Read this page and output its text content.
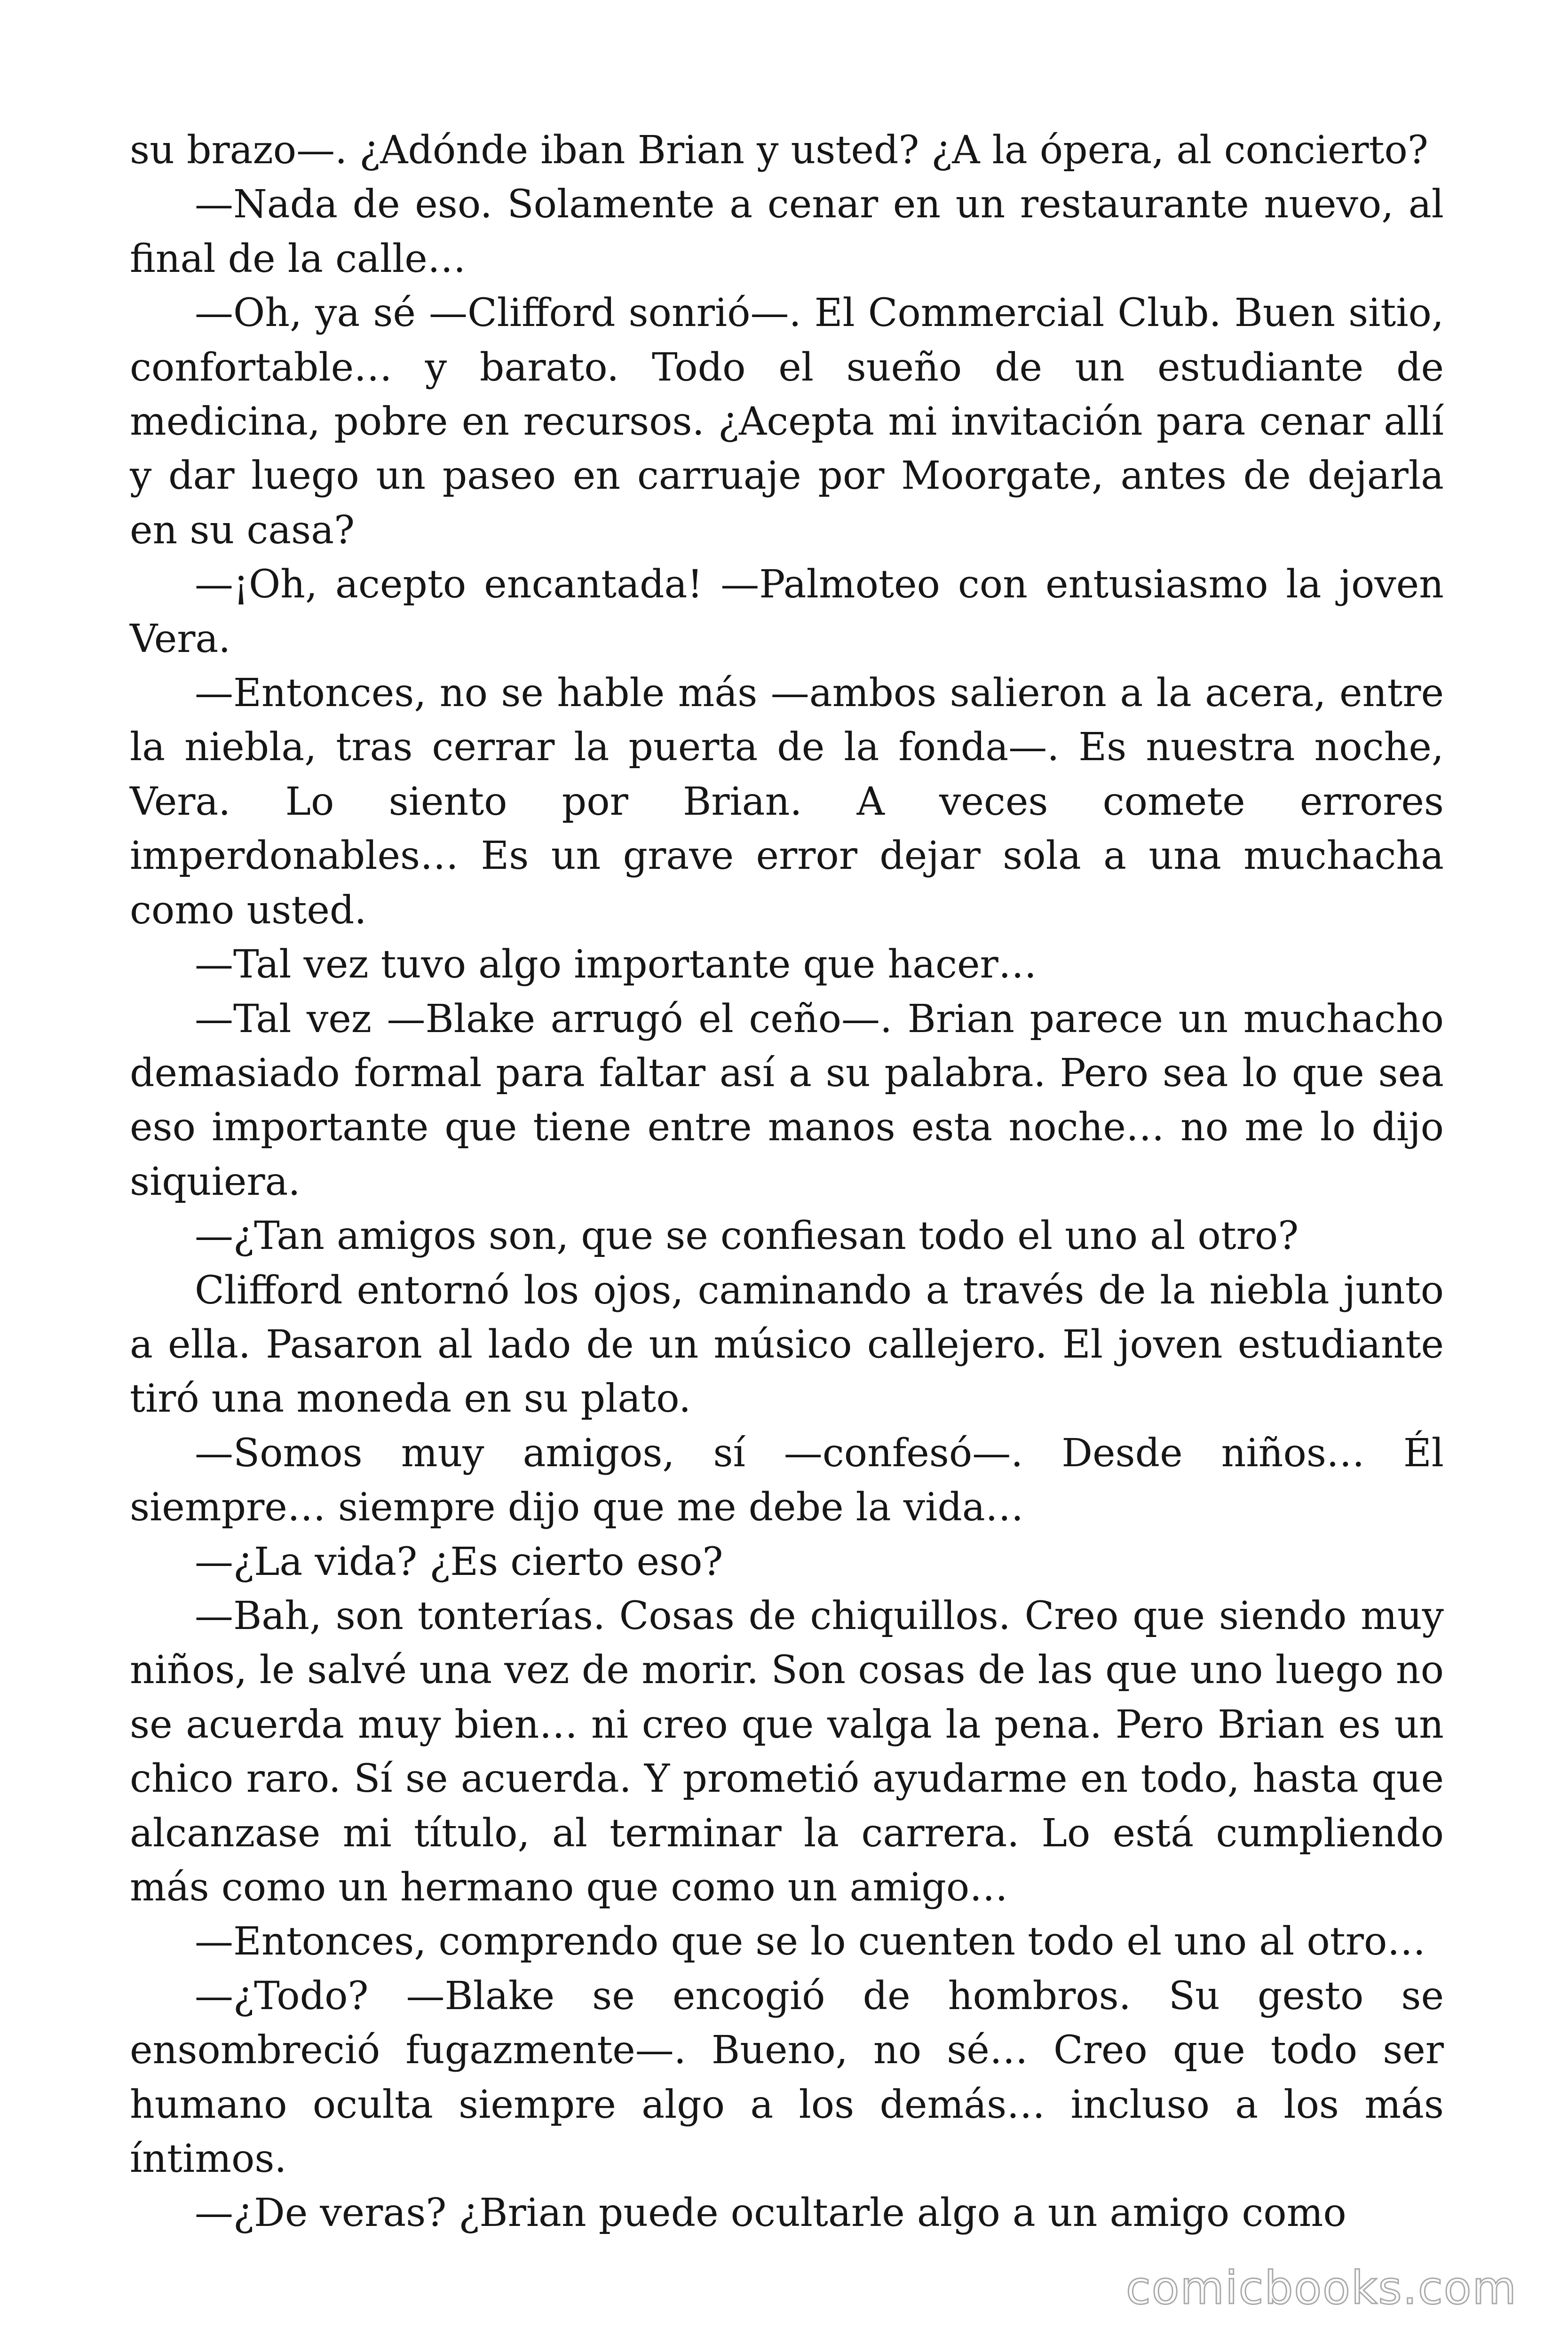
su brazo—. ¿Adónde iban Brian y usted? ¿A la ópera, al concierto?

—Nada de eso. Solamente a cenar en un restaurante nuevo, al final de la calle…

—Oh, ya sé —Clifford sonrió—. El Commercial Club. Buen sitio, confortable… y barato. Todo el sueño de un estudiante de medicina, pobre en recursos. ¿Acepta mi invitación para cenar allí y dar luego un paseo en carruaje por Moorgate, antes de dejarla en su casa?

—¡Oh, acepto encantada! —Palmoteo con entusiasmo la joven Vera.

—Entonces, no se hable más —ambos salieron a la acera, entre la niebla, tras cerrar la puerta de la fonda—. Es nuestra noche, Vera. Lo siento por Brian. A veces comete errores imperdonables… Es un grave error dejar sola a una muchacha como usted.

—Tal vez tuvo algo importante que hacer…

—Tal vez —Blake arrugó el ceño—. Brian parece un muchacho demasiado formal para faltar así a su palabra. Pero sea lo que sea eso importante que tiene entre manos esta noche… no me lo dijo siquiera.

—¿Tan amigos son, que se confiesan todo el uno al otro?

Clifford entornó los ojos, caminando a través de la niebla junto a ella. Pasaron al lado de un músico callejero. El joven estudiante tiró una moneda en su plato.

—Somos muy amigos, sí —confesó—. Desde niños… Él siempre… siempre dijo que me debe la vida…

—¿La vida? ¿Es cierto eso?

—Bah, son tonterías. Cosas de chiquillos. Creo que siendo muy niños, le salvé una vez de morir. Son cosas de las que uno luego no se acuerda muy bien… ni creo que valga la pena. Pero Brian es un chico raro. Sí se acuerda. Y prometió ayudarme en todo, hasta que alcanzase mi título, al terminar la carrera. Lo está cumpliendo más como un hermano que como un amigo…

—Entonces, comprendo que se lo cuenten todo el uno al otro…

—¿Todo? —Blake se encogió de hombros. Su gesto se ensombreció fugazmente—. Bueno, no sé… Creo que todo ser humano oculta siempre algo a los demás… incluso a los más íntimos.

—¿De veras? ¿Brian puede ocultarle algo a un amigo como

comicbooks.com
